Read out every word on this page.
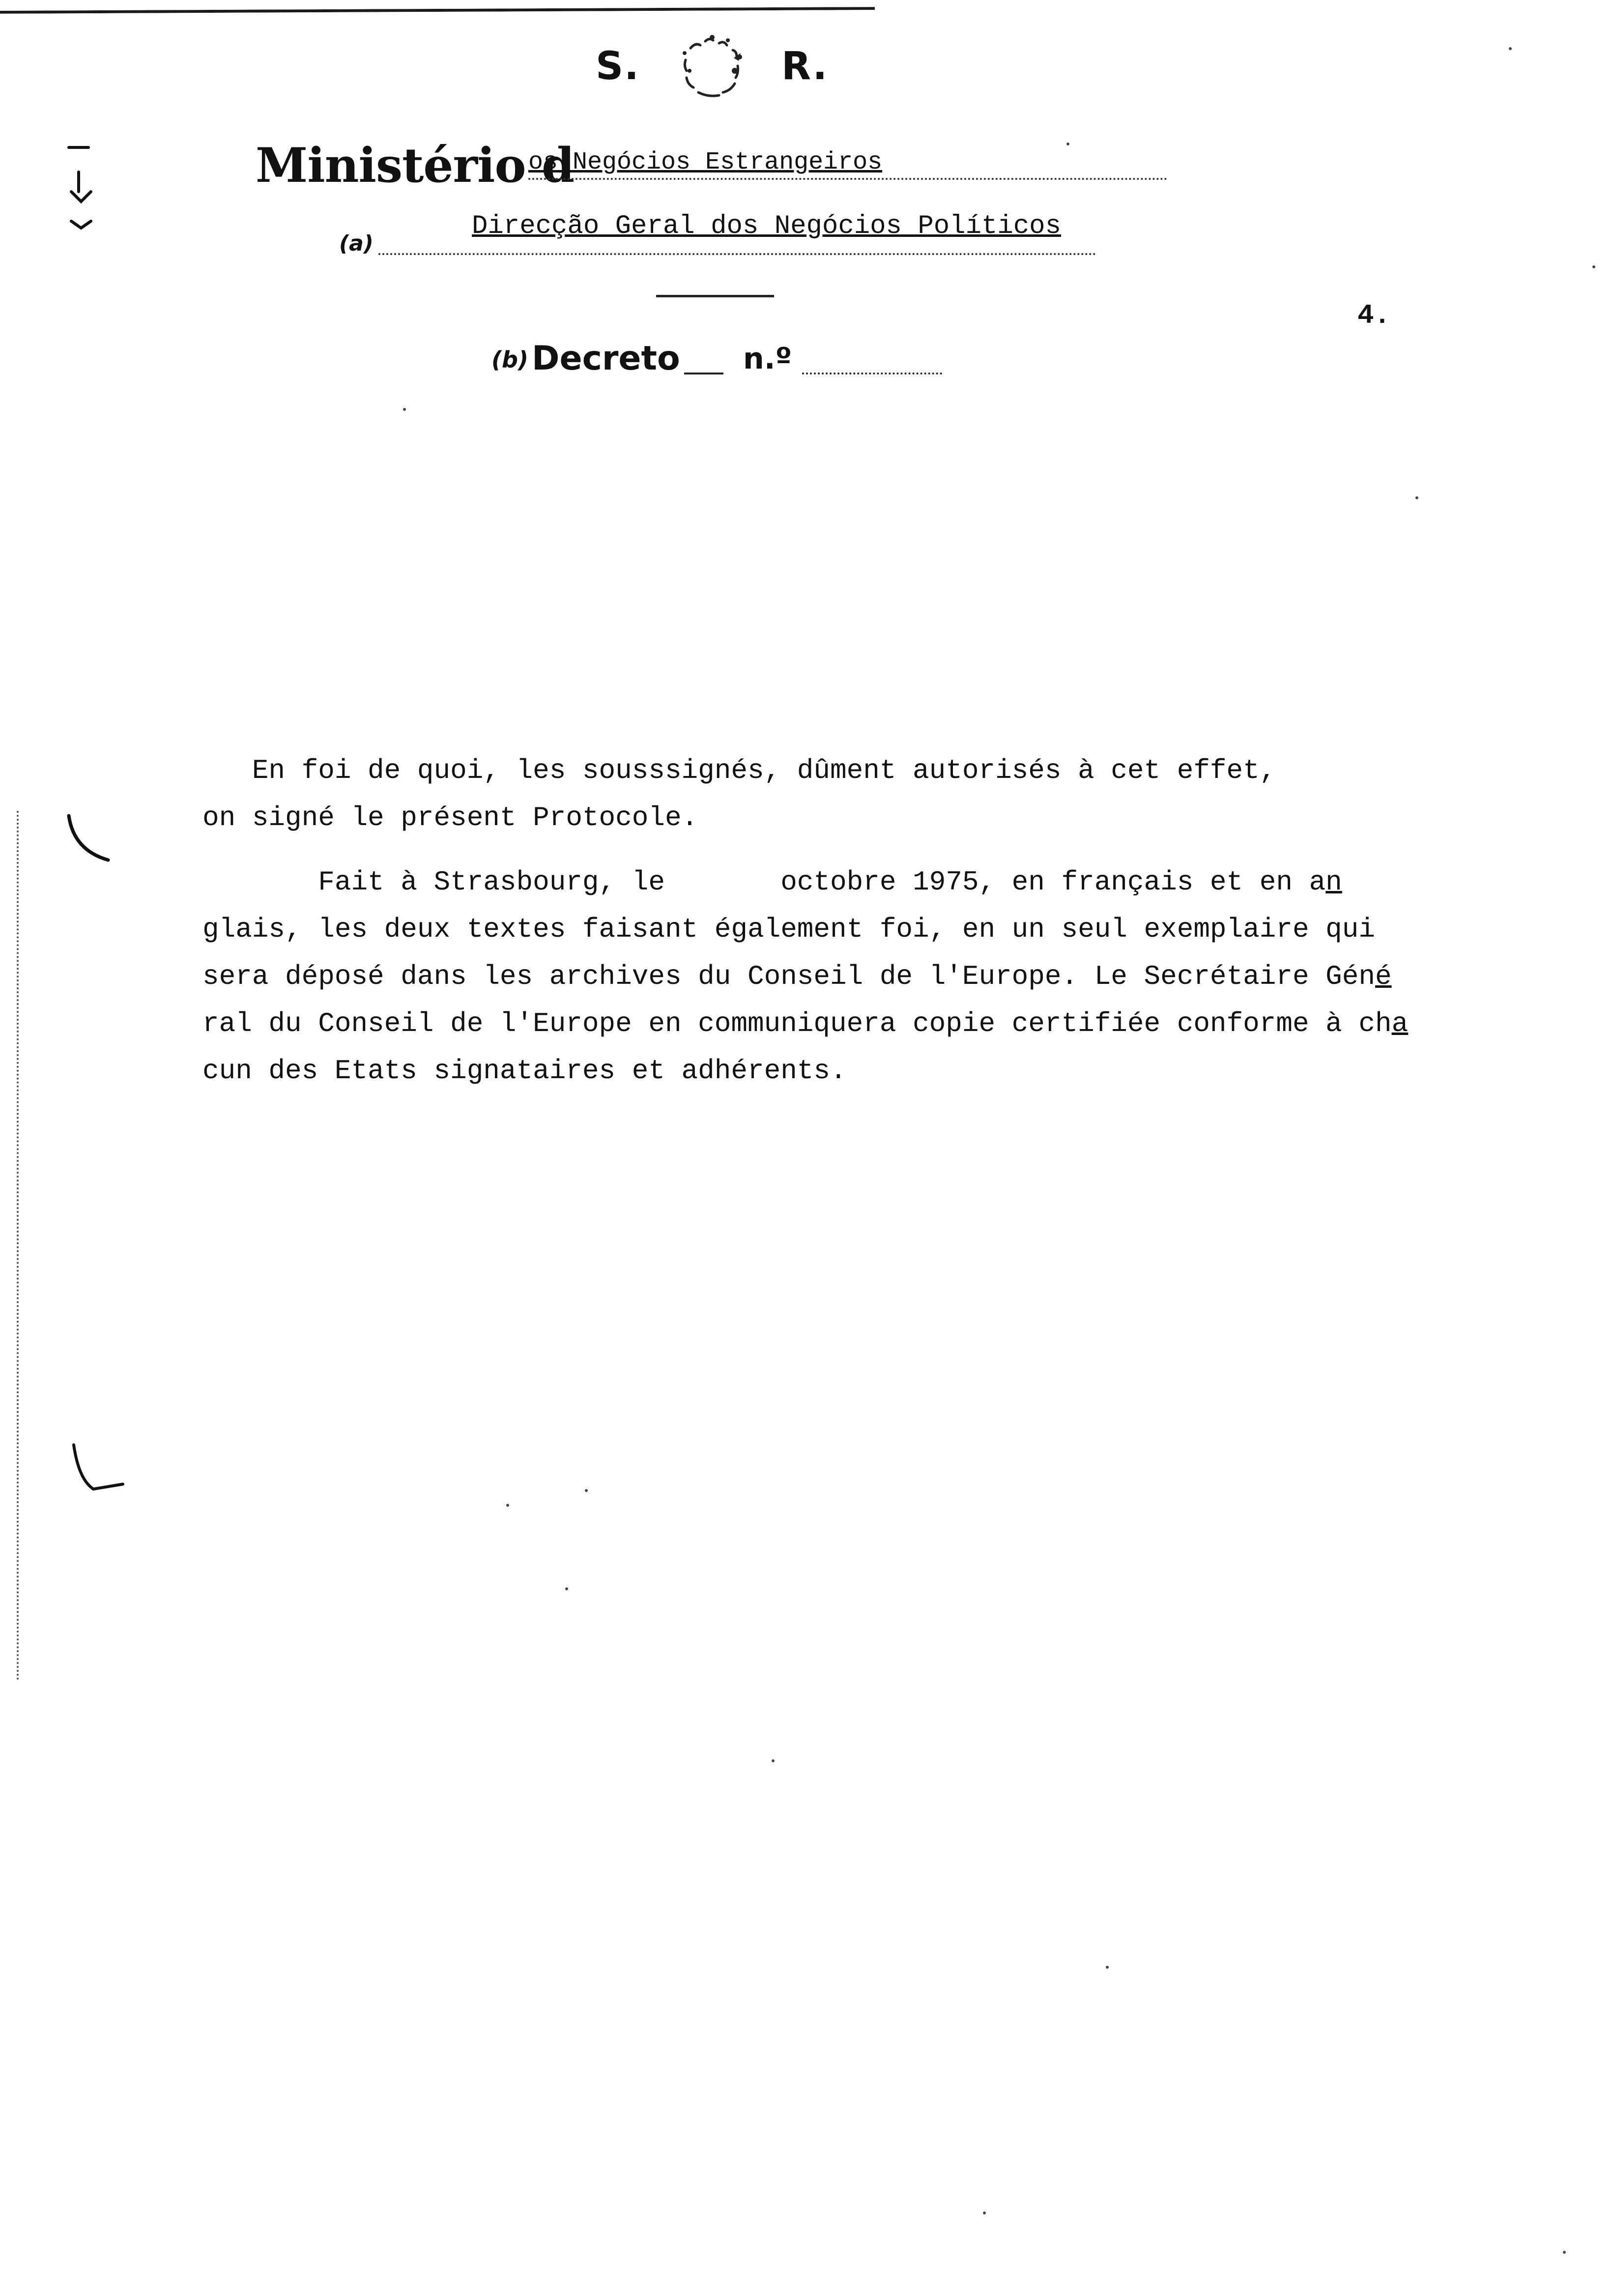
S.	R.
Ministério d
os Negócios Estrangeiros
(a)
Direcção Geral dos Negócios Políticos
4.
(b) Decreto n.º
En foi de quoi, les sousssignés, dûment autorisés à cet effet,
on signé le présent Protocole.
Fait à Strasbourg, le       octobre 1975, en français et en an
glais, les deux textes faisant également foi, en un seul exemplaire qui
sera déposé dans les archives du Conseil de l'Europe. Le Secrétaire Géné
ral du Conseil de l'Europe en communiquera copie certifiée conforme à cha
cun des Etats signataires et adhérents.
